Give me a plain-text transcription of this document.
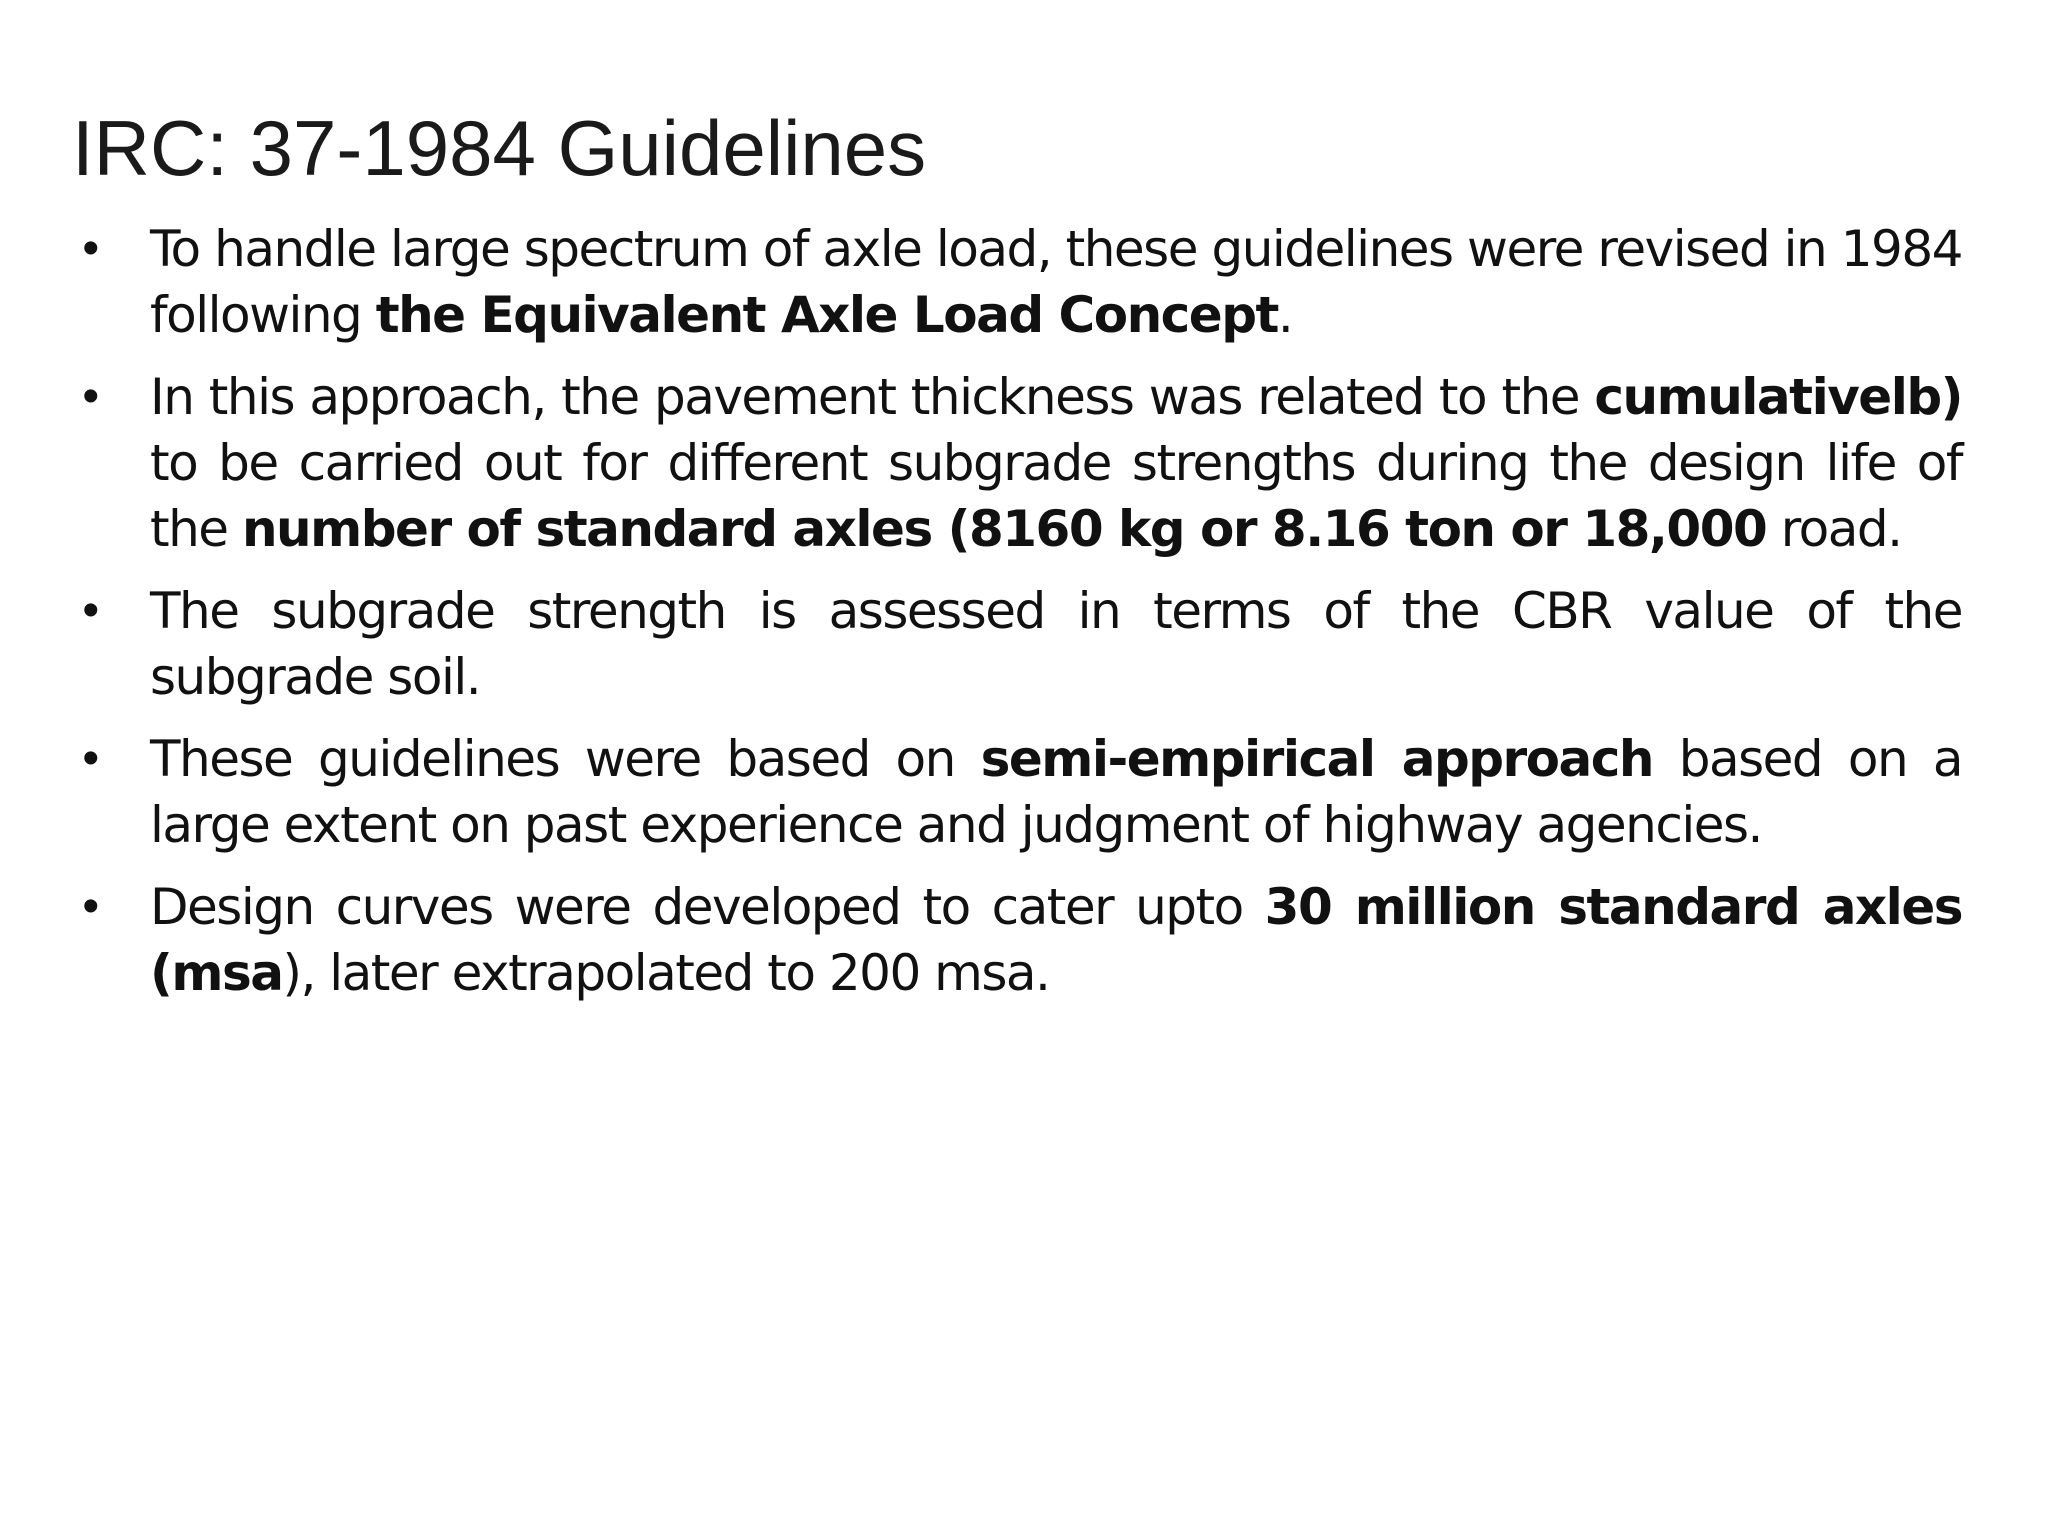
IRC: 37-1984 Guidelines
• To handle large spectrum of axle load, these guidelines were revised in 1984 following the Equivalent Axle Load Concept.
• In this approach, the pavement thickness was related to the cumulativelb) to be carried out for different subgrade strengths during the design life of the number of standard axles (8160 kg or 8.16 ton or 18,000 road.
• The subgrade strength is assessed in terms of the CBR value of the subgrade soil.
• These guidelines were based on semi-empirical approach based on a large extent on past experience and judgment of highway agencies.
• Design curves were developed to cater upto 30 million standard axles (msa), later extrapolated to 200 msa.
